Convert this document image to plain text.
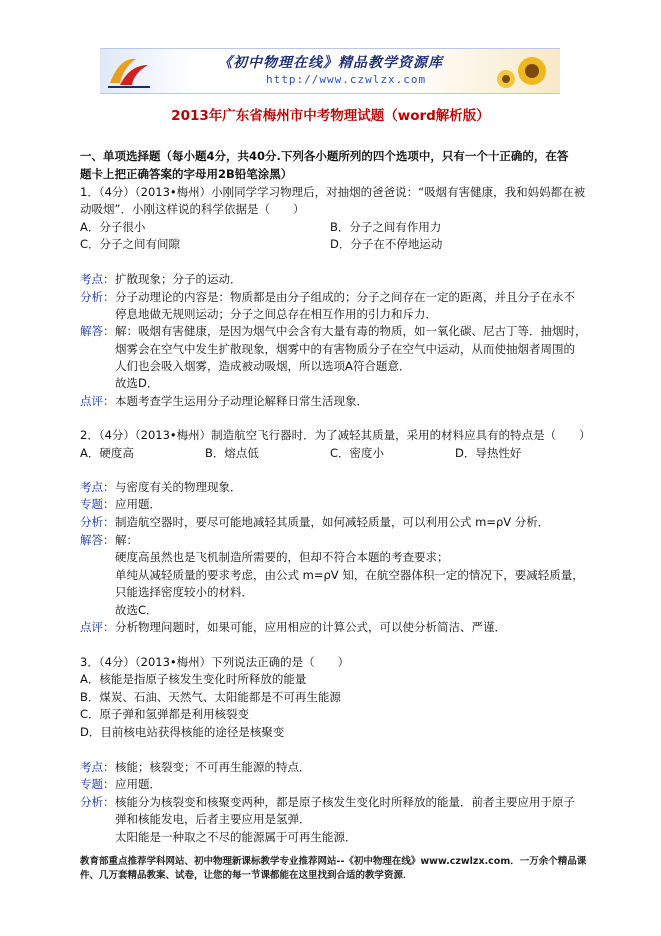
《初中物理在线》精品教学资源库
http://www.czwlzx.com
2013年广东省梅州市中考物理试题（word解析版）
一、单项选择题（每小题4分，共40分.下列各小题所列的四个选项中，只有一个十正确的，在答
题卡上把正确答案的字母用2B铅笔涂黑）
1．（4分）（2013•梅州）小刚同学学习物理后，对抽烟的爸爸说：“吸烟有害健康，我和妈妈都在被
动吸烟”．小刚这样说的科学依据是（　　）
A．分子很小	B．分子之间有作用力
C．分子之间有间隙	D．分子在不停地运动
考点： 扩散现象；分子的运动．
分析： 分子动理论的内容是：物质都是由分子组成的；分子之间存在一定的距离，并且分子在永不
停息地做无规则运动；分子之间总存在相互作用的引力和斥力．
解答： 解：吸烟有害健康，是因为烟气中会含有大量有毒的物质，如一氧化碳、尼古丁等．抽烟时，
烟雾会在空气中发生扩散现象，烟雾中的有害物质分子在空气中运动，从而使抽烟者周围的
人们也会吸入烟雾，造成被动吸烟，所以选项A符合题意．
故选D．
点评： 本题考查学生运用分子动理论解释日常生活现象．
2．（4分）（2013•梅州）制造航空飞行器时．为了减轻其质量，采用的材料应具有的特点是（　　）
A．硬度高	B．熔点低	C．密度小	D．导热性好
考点： 与密度有关的物理现象．
专题： 应用题．
分析： 制造航空器时，要尽可能地减轻其质量，如何减轻质量，可以利用公式 m=ρV 分析．
解答： 解：
硬度高虽然也是飞机制造所需要的，但却不符合本题的考查要求；
单纯从减轻质量的要求考虑，由公式 m=ρV 知，在航空器体积一定的情况下，要减轻质量，
只能选择密度较小的材料．
故选C．
点评： 分析物理问题时，如果可能，应用相应的计算公式，可以使分析简洁、严谨．
3．（4分）（2013•梅州）下列说法正确的是（　　）
A．核能是指原子核发生变化时所释放的能量
B．煤炭、石油、天然气、太阳能都是不可再生能源
C．原子弹和氢弹都是利用核裂变
D．目前核电站获得核能的途径是核聚变
考点： 核能；核裂变；不可再生能源的特点．
专题： 应用题．
分析： 核能分为核裂变和核聚变两种，都是原子核发生变化时所释放的能量．前者主要应用于原子
弹和核能发电，后者主要应用是氢弹．
太阳能是一种取之不尽的能源属于可再生能源．
教育部重点推荐学科网站、初中物理新课标教学专业推荐网站--《初中物理在线》www.czwlzx.com．一万余个精品课
件、几万套精品教案、试卷，让您的每一节课都能在这里找到合适的教学资源．
